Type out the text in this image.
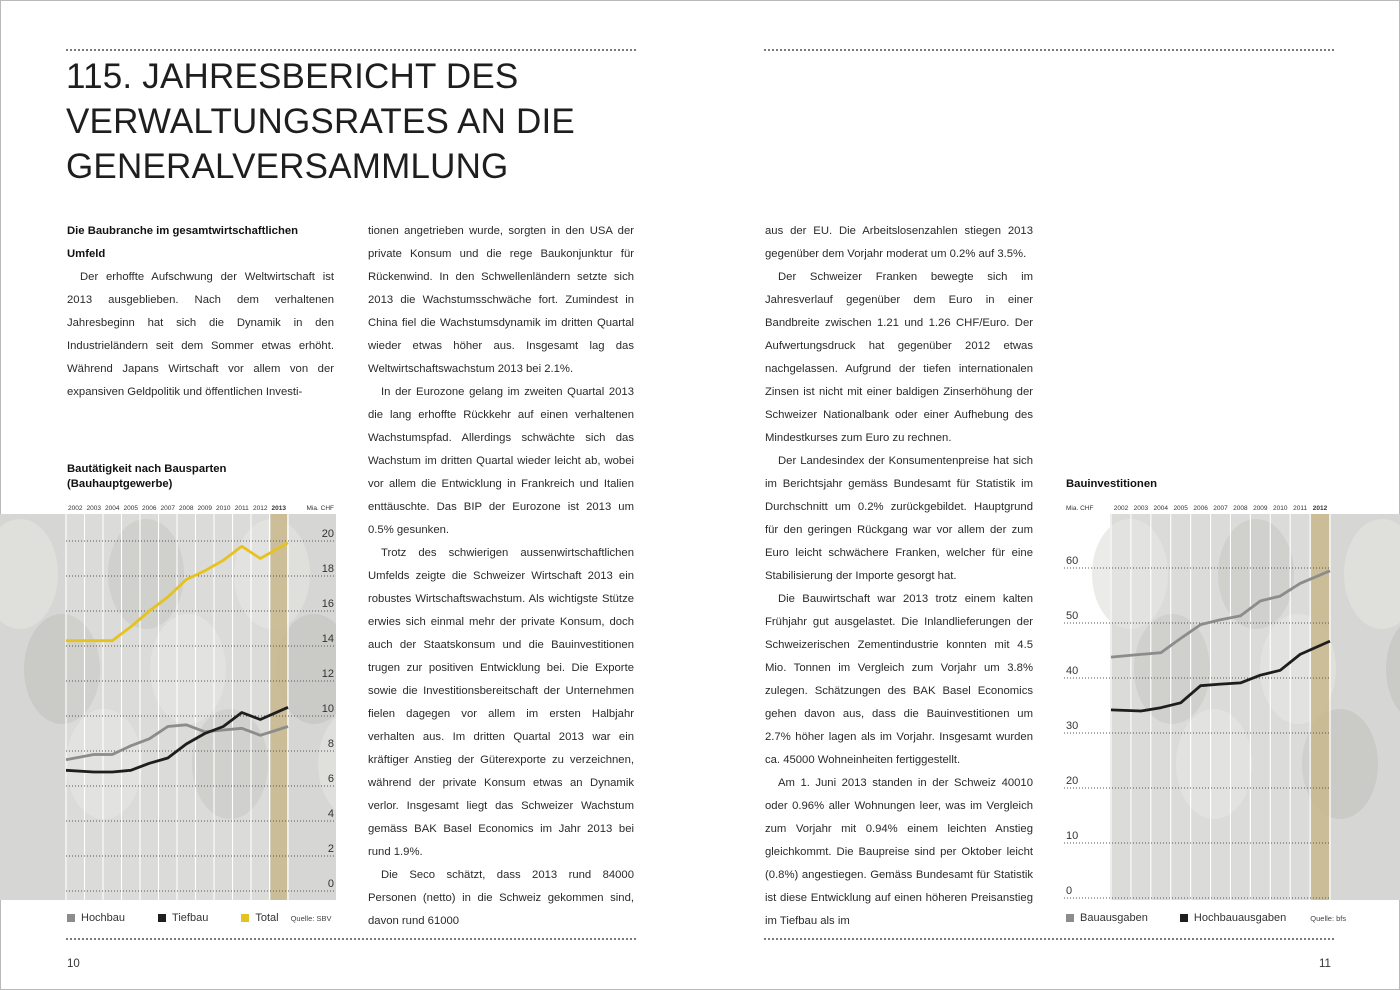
115. JAHRESBERICHT DES
VERWALTUNGSRATES AN DIE
GENERALVERSAMMLUNG
Die Baubranche im gesamtwirtschaftlichen Umfeld

Der erhoffte Aufschwung der Weltwirtschaft ist 2013 ausgeblieben. Nach dem verhaltenen Jahresbeginn hat sich die Dynamik in den Industrieländern seit dem Sommer etwas erhöht. Während Japans Wirtschaft vor allem von der expansiven Geldpolitik und öffentlichen Investi-

tionen angetrieben wurde, sorgten in den USA der private Konsum und die rege Baukonjunktur für Rückenwind. In den Schwellenländern setzte sich 2013 die Wachstumsschwäche fort. Zumindest in China fiel die Wachstumsdynamik im dritten Quartal wieder etwas höher aus. Insgesamt lag das Weltwirtschaftswachstum 2013 bei 2.1%.

In der Eurozone gelang im zweiten Quartal 2013 die lang erhoffte Rückkehr auf einen verhaltenen Wachstumspfad. Allerdings schwächte sich das Wachstum im dritten Quartal wieder leicht ab, wobei vor allem die Entwicklung in Frankreich und Italien enttäuschte. Das BIP der Eurozone ist 2013 um 0.5% gesunken.

Trotz des schwierigen aussenwirtschaftlichen Umfelds zeigte die Schweizer Wirtschaft 2013 ein robustes Wirtschaftswachstum. Als wichtigste Stütze erwies sich einmal mehr der private Konsum, doch auch der Staatskonsum und die Bauinvestitionen trugen zur positiven Entwicklung bei. Die Exporte sowie die Investitionsbereitschaft der Unternehmen fielen dagegen vor allem im ersten Halbjahr verhalten aus. Im dritten Quartal 2013 war ein kräftiger Anstieg der Güterexporte zu verzeichnen, während der private Konsum etwas an Dynamik verlor. Insgesamt liegt das Schweizer Wachstum gemäss BAK Basel Economics im Jahr 2013 bei rund 1.9%.

Die Seco schätzt, dass 2013 rund 84000 Personen (netto) in die Schweiz gekommen sind, davon rund 61000

aus der EU. Die Arbeitslosenzahlen stiegen 2013 gegenüber dem Vorjahr moderat um 0.2% auf 3.5%.

Der Schweizer Franken bewegte sich im Jahresverlauf gegenüber dem Euro in einer Bandbreite zwischen 1.21 und 1.26 CHF/Euro. Der Aufwertungsdruck hat gegenüber 2012 etwas nachgelassen. Aufgrund der tiefen internationalen Zinsen ist nicht mit einer baldigen Zinserhöhung der Schweizer Nationalbank oder einer Aufhebung des Mindestkurses zum Euro zu rechnen.

Der Landesindex der Konsumentenpreise hat sich im Berichtsjahr gemäss Bundesamt für Statistik im Durchschnitt um 0.2% zurückgebildet. Hauptgrund für den geringen Rückgang war vor allem der zum Euro leicht schwächere Franken, welcher für eine Stabilisierung der Importe gesorgt hat.

Die Bauwirtschaft war 2013 trotz einem kalten Frühjahr gut ausgelastet. Die Inlandlieferungen der Schweizerischen Zementindustrie konnten mit 4.5 Mio. Tonnen im Vergleich zum Vorjahr um 3.8% zulegen. Schätzungen des BAK Basel Economics gehen davon aus, dass die Bauinvestitionen um 2.7% höher lagen als im Vorjahr. Insgesamt wurden ca. 45000 Wohneinheiten fertiggestellt.

Am 1. Juni 2013 standen in der Schweiz 40010 oder 0.96% aller Wohnungen leer, was im Vergleich zum Vorjahr mit 0.94% einem leichten Anstieg gleichkommt. Die Baupreise sind per Oktober leicht (0.8%) angestiegen. Gemäss Bundesamt für Statistik ist diese Entwicklung auf einen höheren Preisanstieg im Tiefbau als im

Bautätigkeit nach Bausparten
(Bauhauptgewerbe)	Bauinvestitionen
2002 2003 2004 2005 2006 2007 2008 2009 2010 2011 2012 2013
0
2
4
6
8
10
12
14
16
18
20
Mia. CHF	2002 2003 2004 2005 2006 2007 2008 2009 2010 2011 2012
0
10
20
30
40
50
60
Mia. CHF
Hochbau	Tiefbau	Total Quelle: SBV	Bauausgaben	Hochbauausgaben	Quelle: bfs
10	11
